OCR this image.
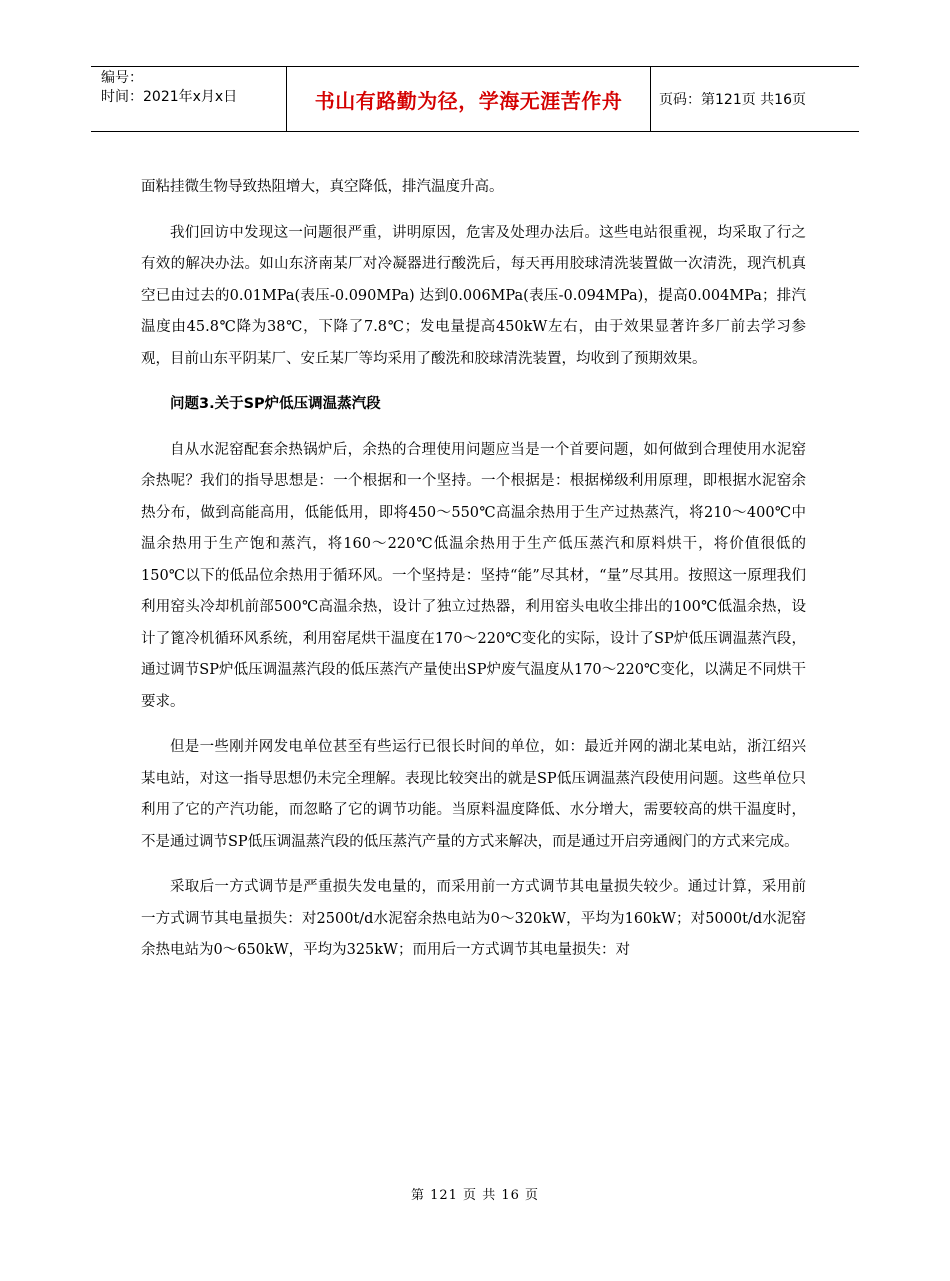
编号：
时间：2021年x月x日	书山有路勤为径，学海无涯苦作舟	页码：第121页 共16页

面粘挂微生物导致热阻增大，真空降低，排汽温度升高。

我们回访中发现这一问题很严重，讲明原因，危害及处理办法后。这些电站很重视，均采取了行之有效的解决办法。如山东济南某厂对冷凝器进行酸洗后，每天再用胶球清洗装置做一次清洗，现汽机真空已由过去的0.01MPa(表压-0.090MPa) 达到0.006MPa(表压-0.094MPa)，提高0.004MPa；排汽温度由45.8℃降为38℃，下降了7.8℃；发电量提高450kW左右，由于效果显著许多厂前去学习参观，目前山东平阴某厂、安丘某厂等均采用了酸洗和胶球清洗装置，均收到了预期效果。

问题3.关于SP炉低压调温蒸汽段

自从水泥窑配套余热锅炉后，余热的合理使用问题应当是一个首要问题，如何做到合理使用水泥窑余热呢？我们的指导思想是：一个根据和一个坚持。一个根据是：根据梯级利用原理，即根据水泥窑余热分布，做到高能高用，低能低用，即将450～550℃高温余热用于生产过热蒸汽，将210～400℃中温余热用于生产饱和蒸汽，将160～220℃低温余热用于生产低压蒸汽和原料烘干，将价值很低的150℃以下的低品位余热用于循环风。一个坚持是：坚持“能”尽其材，“量”尽其用。按照这一原理我们利用窑头冷却机前部500℃高温余热，设计了独立过热器，利用窑头电收尘排出的100℃低温余热，设计了篦冷机循环风系统，利用窑尾烘干温度在170～220℃变化的实际，设计了SP炉低压调温蒸汽段，通过调节SP炉低压调温蒸汽段的低压蒸汽产量使出SP炉废气温度从170～220℃变化，以满足不同烘干要求。

但是一些刚并网发电单位甚至有些运行已很长时间的单位，如：最近并网的湖北某电站，浙江绍兴某电站，对这一指导思想仍未完全理解。表现比较突出的就是SP低压调温蒸汽段使用问题。这些单位只利用了它的产汽功能，而忽略了它的调节功能。当原料温度降低、水分增大，需要较高的烘干温度时，不是通过调节SP低压调温蒸汽段的低压蒸汽产量的方式来解决，而是通过开启旁通阀门的方式来完成。

采取后一方式调节是严重损失发电量的，而采用前一方式调节其电量损失较少。通过计算，采用前一方式调节其电量损失：对2500t/d水泥窑余热电站为0～320kW，平均为160kW；对5000t/d水泥窑余热电站为0～650kW，平均为325kW；而用后一方式调节其电量损失：对

第 121 页 共 16 页
